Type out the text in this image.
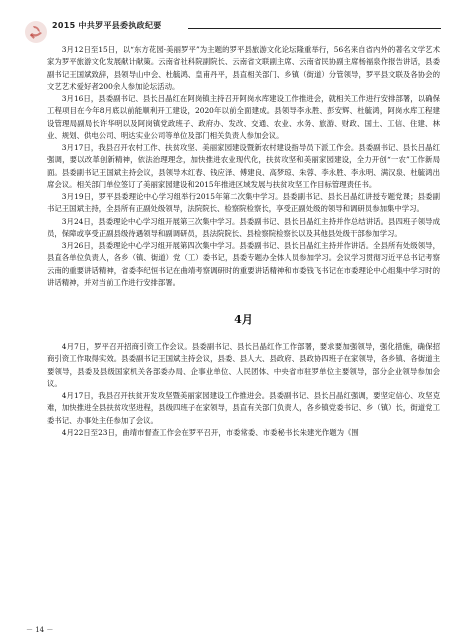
2015 中共罗平县委执政纪要

3月12日至15日，以“东方花园·美丽罗平”为主题的罗平县旅游文化论坛隆重举行，56名来自省内外的著名文学艺术家为罗平旅游文化发展献计献策。云南省社科院副院长、云南省文联副主席、云南省民协副主席杨福泉作报告讲话，县委副书记王国斌致辞，县领导山中会、杜毓鸿、皇甫丹平，县直相关部门、乡镇（街道）分管领导，罗平县文联及各协会的文艺艺术爱好者200余人参加论坛活动。

3月16日，县委副书记、县长吕晶红在阿岗镇主持召开阿岗水库建设工作推进会，就相关工作进行安排部署，以确保工程项目在今年8月底以前能顺利开工建设，2020年以前全面建成。县领导李永胜、彭安辉、杜毓鸿，阿岗水库工程建设管理局副局长许华明以及阿岗镇党政班子、政府办、发改、交通、农业、水务、旅游、财政、国土、工信、住建、林业、规划、供电公司、明达实业公司等单位及部门相关负责人参加会议。

3月17日，我县召开农村工作、扶贫攻坚、美丽家园建设暨新农村建设指导员下派工作会。县委副书记、县长吕晶红强调，要以改革创新精神，依法治理理念，加快推进农业现代化，扶贫攻坚和美丽家园建设，全力开创“一农”工作新局面。县委副书记王国斌主持会议，县领导木红春、钱应泽、傅建良、高梦琼、朱蓉、李永胜、李永明、满汉泉、杜毓鸿出席会议。相关部门单位签订了美丽家园建设和2015年推进区域发展与扶贫攻坚工作目标管理责任书。

3月19日，罗平县委理论中心学习组举行2015年第二次集中学习。县委副书记、县长吕晶红讲授专题党课；县委副书记王国斌主持，全县所有正副处级领导，法院院长、检察院检察长，享受正副处级的领导和调研员参加集中学习。

3月24日，县委理论中心学习组开展第三次集中学习。县委副书记、县长吕晶红主持并作总结讲话。县四班子领导成员，保障或享受正副县级待遇领导和副调研员，县法院院长、县检察院检察长以及其他县处级干部参加学习。

3月26日，县委理论中心学习组开展第四次集中学习。县委副书记、县长吕晶红主持并作讲话。全县所有处级领导，县直各单位负责人，各乡（镇、街道）党（工）委书记，县委专题办全体人员参加学习。会议学习贯彻习近平总书记考察云南的重要讲话精神，省委李纪恒书记在曲靖考察调研时的重要讲话精神和市委钱飞书记在市委理论中心组集中学习时的讲话精神，并对当前工作进行安排部署。

4月

4月7日，罗平召开招商引资工作会议。县委副书记、县长吕晶红作工作部署，要求要加强领导，强化措施，确保招商引资工作取得实效。县委副书记王国斌主持会议，县委、县人大、县政府、县政协四班子在家领导，各乡镇、各街道主要领导，县委及县级国家机关各部委办局、企事业单位、人民团体、中央省市驻罗单位主要领导，部分企业领导参加会议。

4月17日，我县召开扶贫开发攻坚暨美丽家园建设工作推进会。县委副书记、县长吕晶红强调，要坚定信心、攻坚克难，加快推进全县扶贫攻坚进程，县级四班子在家领导，县直有关部门负责人，各乡镇党委书记、乡（镇）长，街道党工委书记、办事处主任参加了会议。

4月22日至23日，曲靖市督查工作会在罗平召开，市委常委、市委秘书长朱建光作题为《围

－ 14 －
